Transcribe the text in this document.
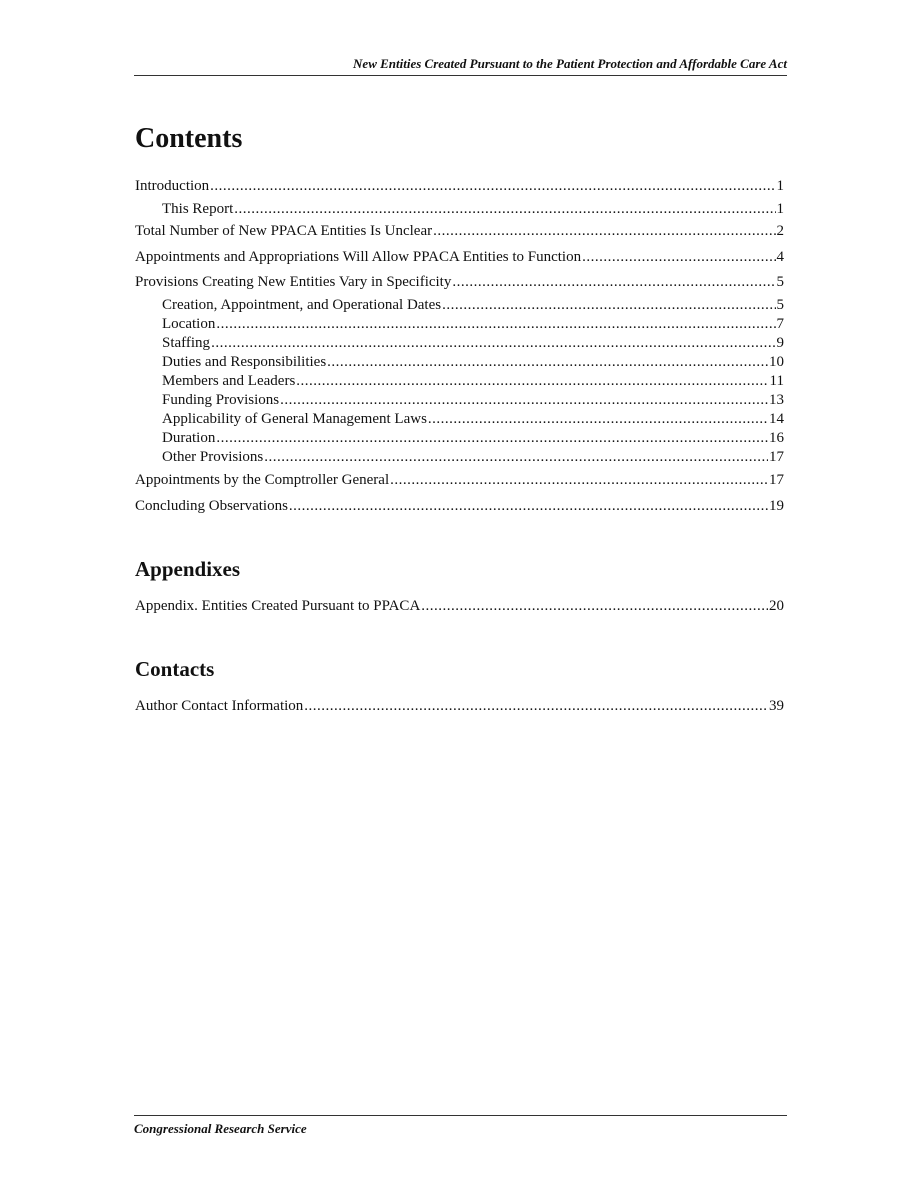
New Entities Created Pursuant to the Patient Protection and Affordable Care Act
Contents
Introduction .....	1
This Report .....	1
Total Number of New PPACA Entities Is Unclear .....	2
Appointments and Appropriations Will Allow PPACA Entities to Function .....	4
Provisions Creating New Entities Vary in Specificity .....	5
Creation, Appointment, and Operational Dates .....	5
Location .....	7
Staffing .....	9
Duties and Responsibilities .....	10
Members and Leaders .....	11
Funding Provisions .....	13
Applicability of General Management Laws .....	14
Duration .....	16
Other Provisions .....	17
Appointments by the Comptroller General .....	17
Concluding Observations .....	19
Appendixes
Appendix. Entities Created Pursuant to PPACA .....	20
Contacts
Author Contact Information .....	39
Congressional Research Service
